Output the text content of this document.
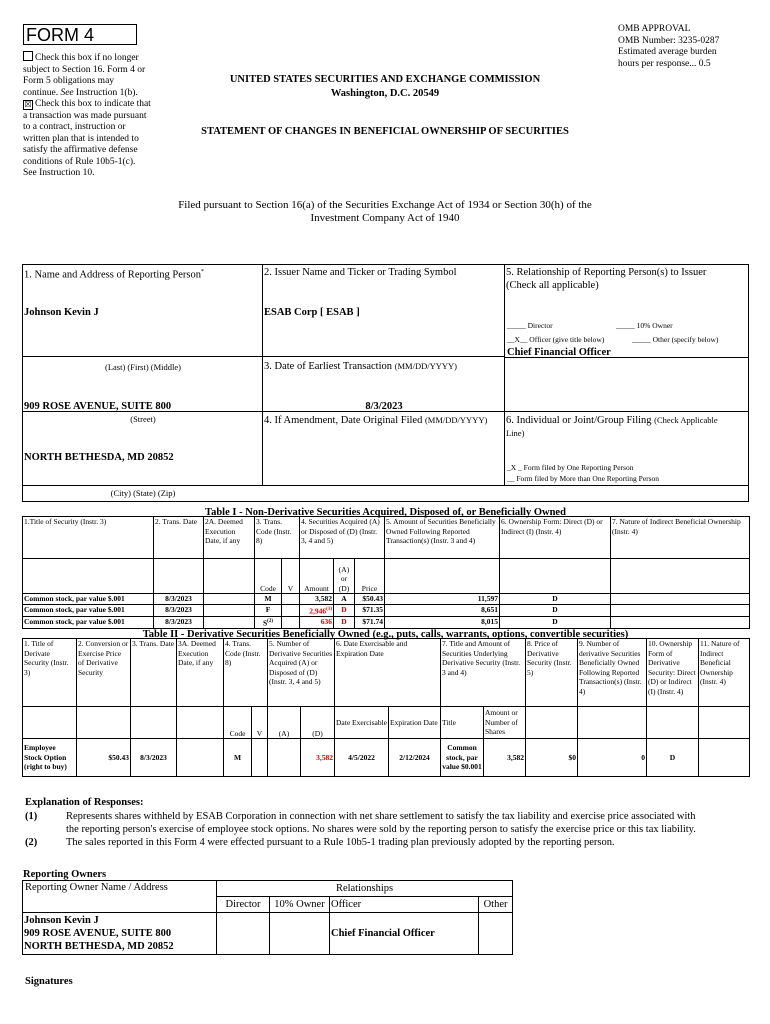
FORM 4
Check this box if no longer subject to Section 16. Form 4 or Form 5 obligations may continue. See Instruction 1(b).
☒ Check this box to indicate that a transaction was made pursuant to a contract, instruction or written plan that is intended to satisfy the affirmative defense conditions of Rule 10b5-1(c). See Instruction 10.
UNITED STATES SECURITIES AND EXCHANGE COMMISSION
Washington, D.C. 20549
STATEMENT OF CHANGES IN BENEFICIAL OWNERSHIP OF SECURITIES
OMB APPROVAL
OMB Number: 3235-0287
Estimated average burden
hours per response... 0.5
Filed pursuant to Section 16(a) of the Securities Exchange Act of 1934 or Section 30(h) of the
Investment Company Act of 1940
1. Name and Address of Reporting Person*
Johnson Kevin J
(Last) (First) (Middle)
909 ROSE AVENUE, SUITE 800
(Street)
NORTH BETHESDA, MD 20852
(City) (State) (Zip)
2. Issuer Name and Ticker or Trading Symbol
ESAB Corp [ ESAB ]
3. Date of Earliest Transaction (MM/DD/YYYY)
8/3/2023
4. If Amendment, Date Original Filed (MM/DD/YYYY)
5. Relationship of Reporting Person(s) to Issuer
(Check all applicable)
_____ Director	_____ 10% Owner
__X__ Officer (give title below)	_____ Other (specify below)
Chief Financial Officer
6. Individual or Joint/Group Filing (Check Applicable
Line)
_X _ Form filed by One Reporting Person
__ Form filed by More than One Reporting Person
Table I - Non-Derivative Securities Acquired, Disposed of, or Beneficially Owned
1.Title of Security (Instr. 3)	2. Trans. Date	2A. Deemed Execution Date, if any	3. Trans. Code (Instr. 8)		4. Securities Acquired (A) or Disposed of (D) (Instr. 3, 4 and 5)			5. Amount of Securities Beneficially Owned Following Reported Transaction(s) (Instr. 3 and 4)	6. Ownership Form: Direct (D) or Indirect (I) (Instr. 4)	7. Nature of Indirect Beneficial Ownership (Instr. 4)
			Code	V	Amount	(A) or (D)	Price			
Common stock, par value $.001	8/3/2023		M		3,582	A	$50.43	11,597	D	
Common stock, par value $.001	8/3/2023		F		2,946$^{(1)}$	D	$71.35	8,651	D	
Common stock, par value $.001	8/3/2023		$S^{(2)}$		636	D	$71.74	8,015	D	
Table II - Derivative Securities Beneficially Owned (e.g., puts, calls, warrants, options, convertible securities)
1. Title of Derivate Security (Instr. 3)	2. Conversion or Exercise Price of Derivative Security	3. Trans. Date	3A. Deemed Execution Date, if any	4. Trans. Code (Instr. 8)		5. Number of Derivative Securities Acquired (A) or Disposed of (D) (Instr. 3, 4 and 5)		6. Date Exercisable and Expiration Date		7. Title and Amount of Securities Underlying Derivative Security (Instr. 3 and 4)		8. Price of Derivative Security (Instr. 5)	9. Number of derivative Securities Beneficially Owned Following Reported Transaction(s) (Instr. 4)	10. Ownership Form of Derivative Security: Direct (D) or Indirect (I) (Instr. 4)	11. Nature of Indirect Beneficial Ownership (Instr. 4)
				Code	V	(A)	(D)	Date Exercisable	Expiration Date	Title	Amount or Number of Shares				
Employee Stock Option (right to buy)	$50.43	8/3/2023		M			3,582	4/5/2022	2/12/2024	Common stock, par value $0.001	3,582	$0	0	D	
Explanation of Responses:
(1)	Represents shares withheld by ESAB Corporation in connection with net share settlement to satisfy the tax liability and exercise price associated with
the reporting person's exercise of employee stock options. No shares were sold by the reporting person to satisfy the exercise price or this tax liability.
(2)	The sales reported in this Form 4 were effected pursuant to a Rule 10b5-1 trading plan previously adopted by the reporting person.
Reporting Owners
Reporting Owner Name / Address	Relationships			
	Director	10% Owner	Officer	Other

Johnson Kevin J
909 ROSE AVENUE, SUITE 800
NORTH BETHESDA, MD 20852			Chief Financial Officer	
Signatures
